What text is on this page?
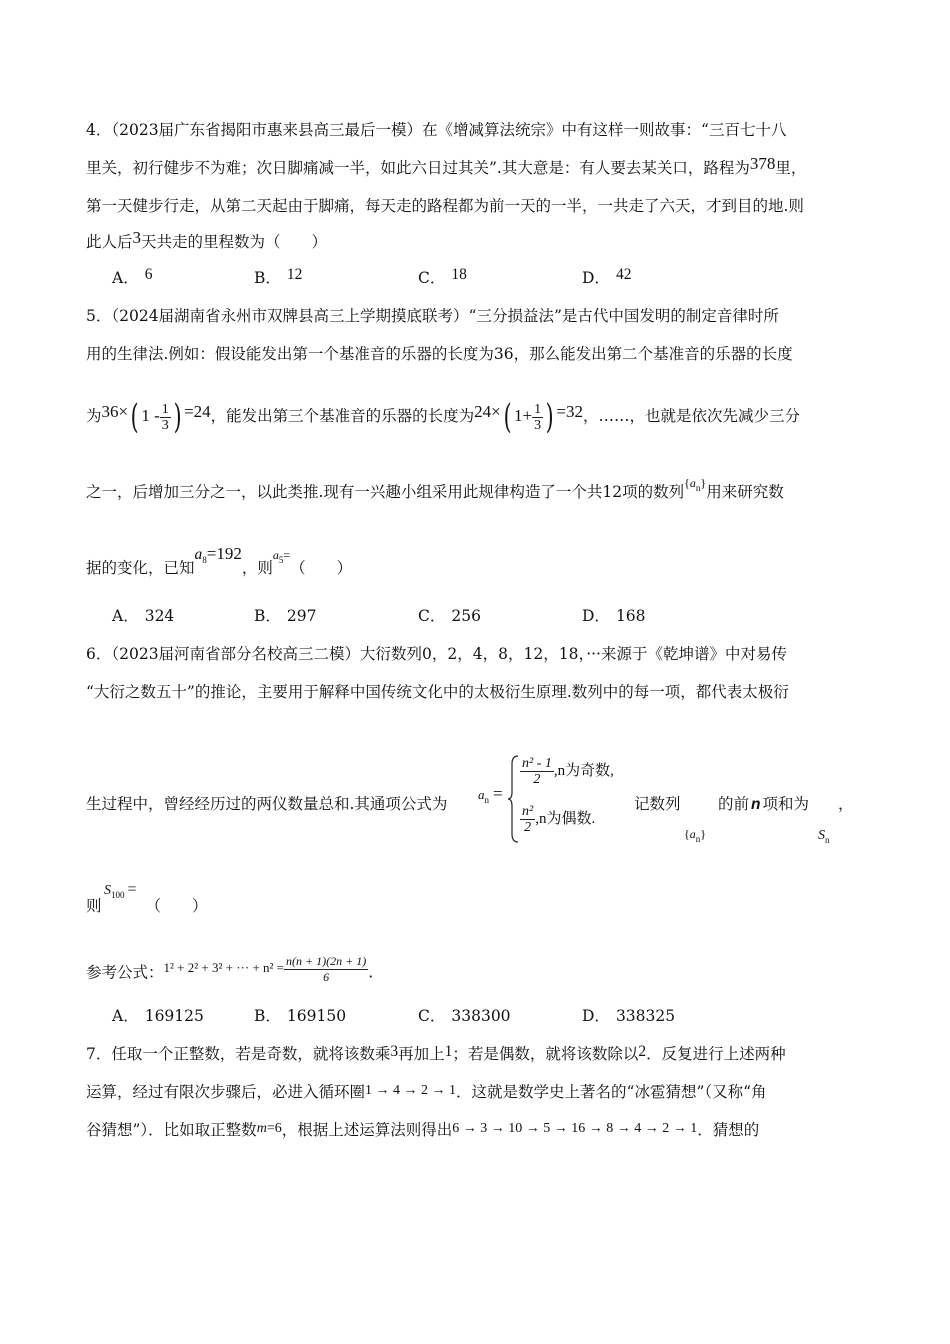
4．（2023届广东省揭阳市惠来县高三最后一模）在《增减算法统宗》中有这样一则故事：“三百七十八
里关，初行健步不为难；次日脚痛减一半，如此六日过其关”.其大意是：有人要去某关口，路程为378里，
第一天健步行走，从第二天起由于脚痛，每天走的路程都为前一天的一半，一共走了六天，才到目的地.则
此人后3天共走的里程数为（　　）
A． 6	B． 12	C． 18	D． 42
5．（2024届湖南省永州市双牌县高三上学期摸底联考）“三分损益法”是古代中国发明的制定音律时所
用的生律法.例如：假设能发出第一个基准音的乐器的长度为36，那么能发出第二个基准音的乐器的长度
为36×( $1 - \frac{1}{3}$ ) =24，能发出第三个基准音的乐器的长度为24×( $1+ \frac{1}{3}$ ) =32，……，也就是依次先减少三分
之一，后增加三分之一，以此类推.现有一兴趣小组采用此规律构造了一个共12项的数列$^{\{a_n\}}$用来研究数
据的变化，已知$a_8=192$，则$^{a_5=}$（　　）
A． 324	B． 297	C． 256	D． 168
6．（2023届河南省部分名校高三二模）大衍数列0，2，4，8，12，18，···来源于《乾坤谱》中对易传
“大衍之数五十”的推论，主要用于解释中国传统文化中的太极衍生原理.数列中的每一项，都代表太极衍
生过程中，曾经经历过的两仪数量总和.其通项公式为
$a_n$ =
$\frac{\text{n² - 1}}{2} ,n$为奇数,
$\frac{\text{n²}}{2} ,n$为偶数.
记数列 的前 n 项和为 ，
$\{a_n\}$	$S_n$
$S_{100}$ =
则	（　　）
参考公式：$^{1^2 + 2^2 + 3^2 + \cdot\cdot\cdot + n^2 =} \frac{n(n + 1)(2n + 1)}{6}$ .
A． 169125	B． 169150	C． 338300	D． 338325
7．任取一个正整数，若是奇数，就将该数乘3再加上1；若是偶数，就将该数除以2．反复进行上述两种
运算，经过有限次步骤后，必进入循环圈1 → 4 → 2 → 1．这就是数学史上著名的“冰雹猜想”（又称“角
谷猜想”）．比如取正整数m=6，根据上述运算法则得出6 → 3 → 10 → 5 → 16 → 8 → 4 → 2 → 1．猜想的
